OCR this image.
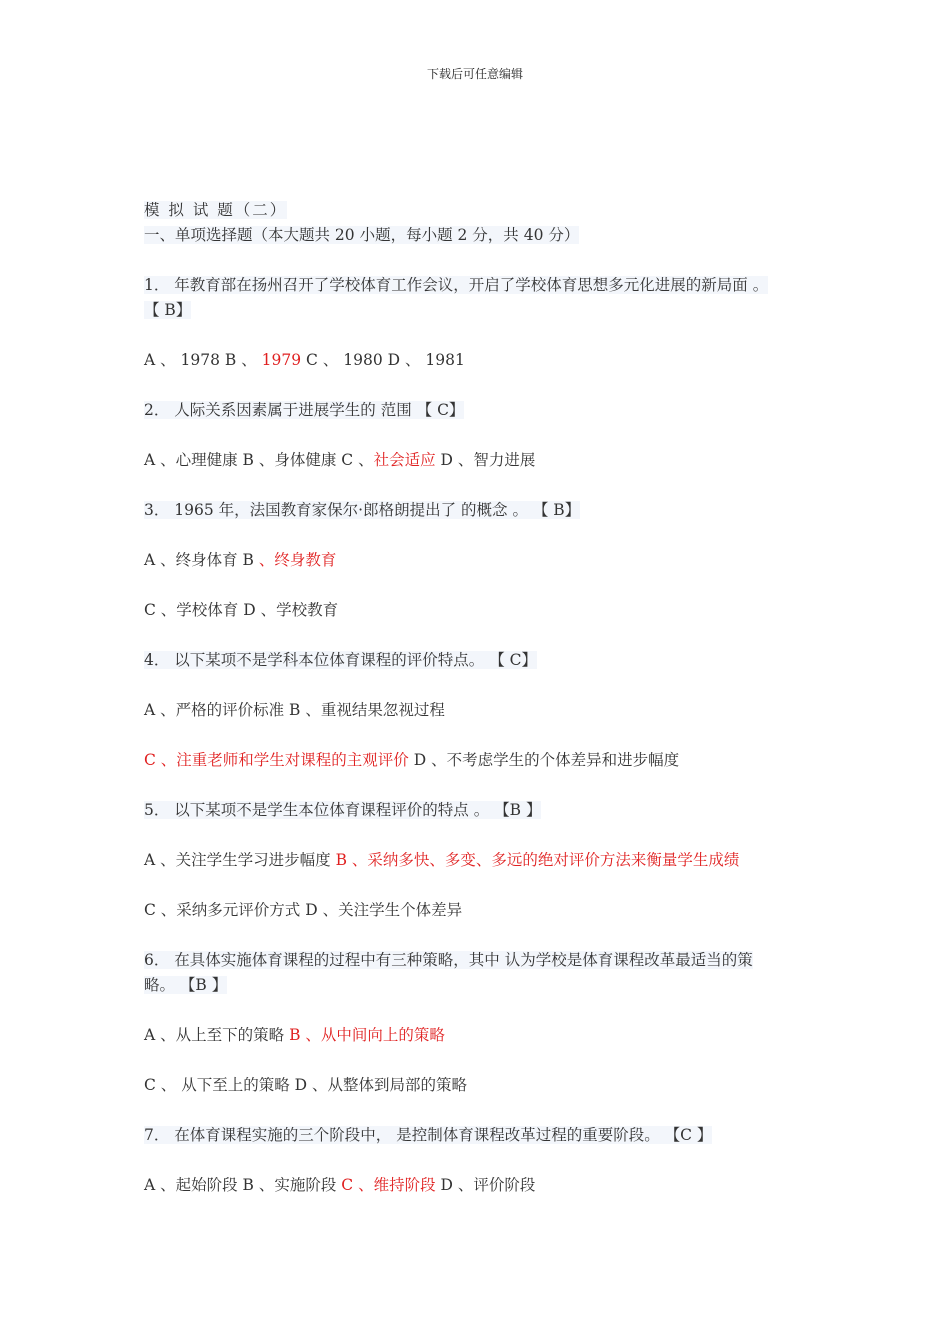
下载后可任意编辑
模 拟 试 题（二）
一、单项选择题（本大题共 20 小题，每小题 2 分，共 40 分）
1． 年教育部在扬州召开了学校体育工作会议，开启了学校体育思想多元化进展的新局面 。
【 B】
A 、 1978 B 、 1979 C 、 1980 D 、 1981
2． 人际关系因素属于进展学生的 范围 【 C】
A 、心理健康 B 、身体健康 C 、社会适应 D 、智力进展
3． 1965 年，法国教育家保尔·郎格朗提出了 的概念 。 【 B】
A 、终身体育 B 、终身教育
C 、学校体育 D 、学校教育
4． 以下某项不是学科本位体育课程的评价特点。 【 C】
A 、严格的评价标准 B 、重视结果忽视过程
C 、注重老师和学生对课程的主观评价 D 、不考虑学生的个体差异和进步幅度
5． 以下某项不是学生本位体育课程评价的特点 。 【B 】
A 、关注学生学习进步幅度 B 、采纳多快、多变、多远的绝对评价方法来衡量学生成绩
C 、采纳多元评价方式 D 、关注学生个体差异
6． 在具体实施体育课程的过程中有三种策略，其中 认为学校是体育课程改革最适当的策
略。 【B 】
A 、从上至下的策略 B 、从中间向上的策略
C 、 从下至上的策略 D 、从整体到局部的策略
7． 在体育课程实施的三个阶段中， 是控制体育课程改革过程的重要阶段。 【C 】
A 、起始阶段 B 、实施阶段 C 、维持阶段 D 、评价阶段
